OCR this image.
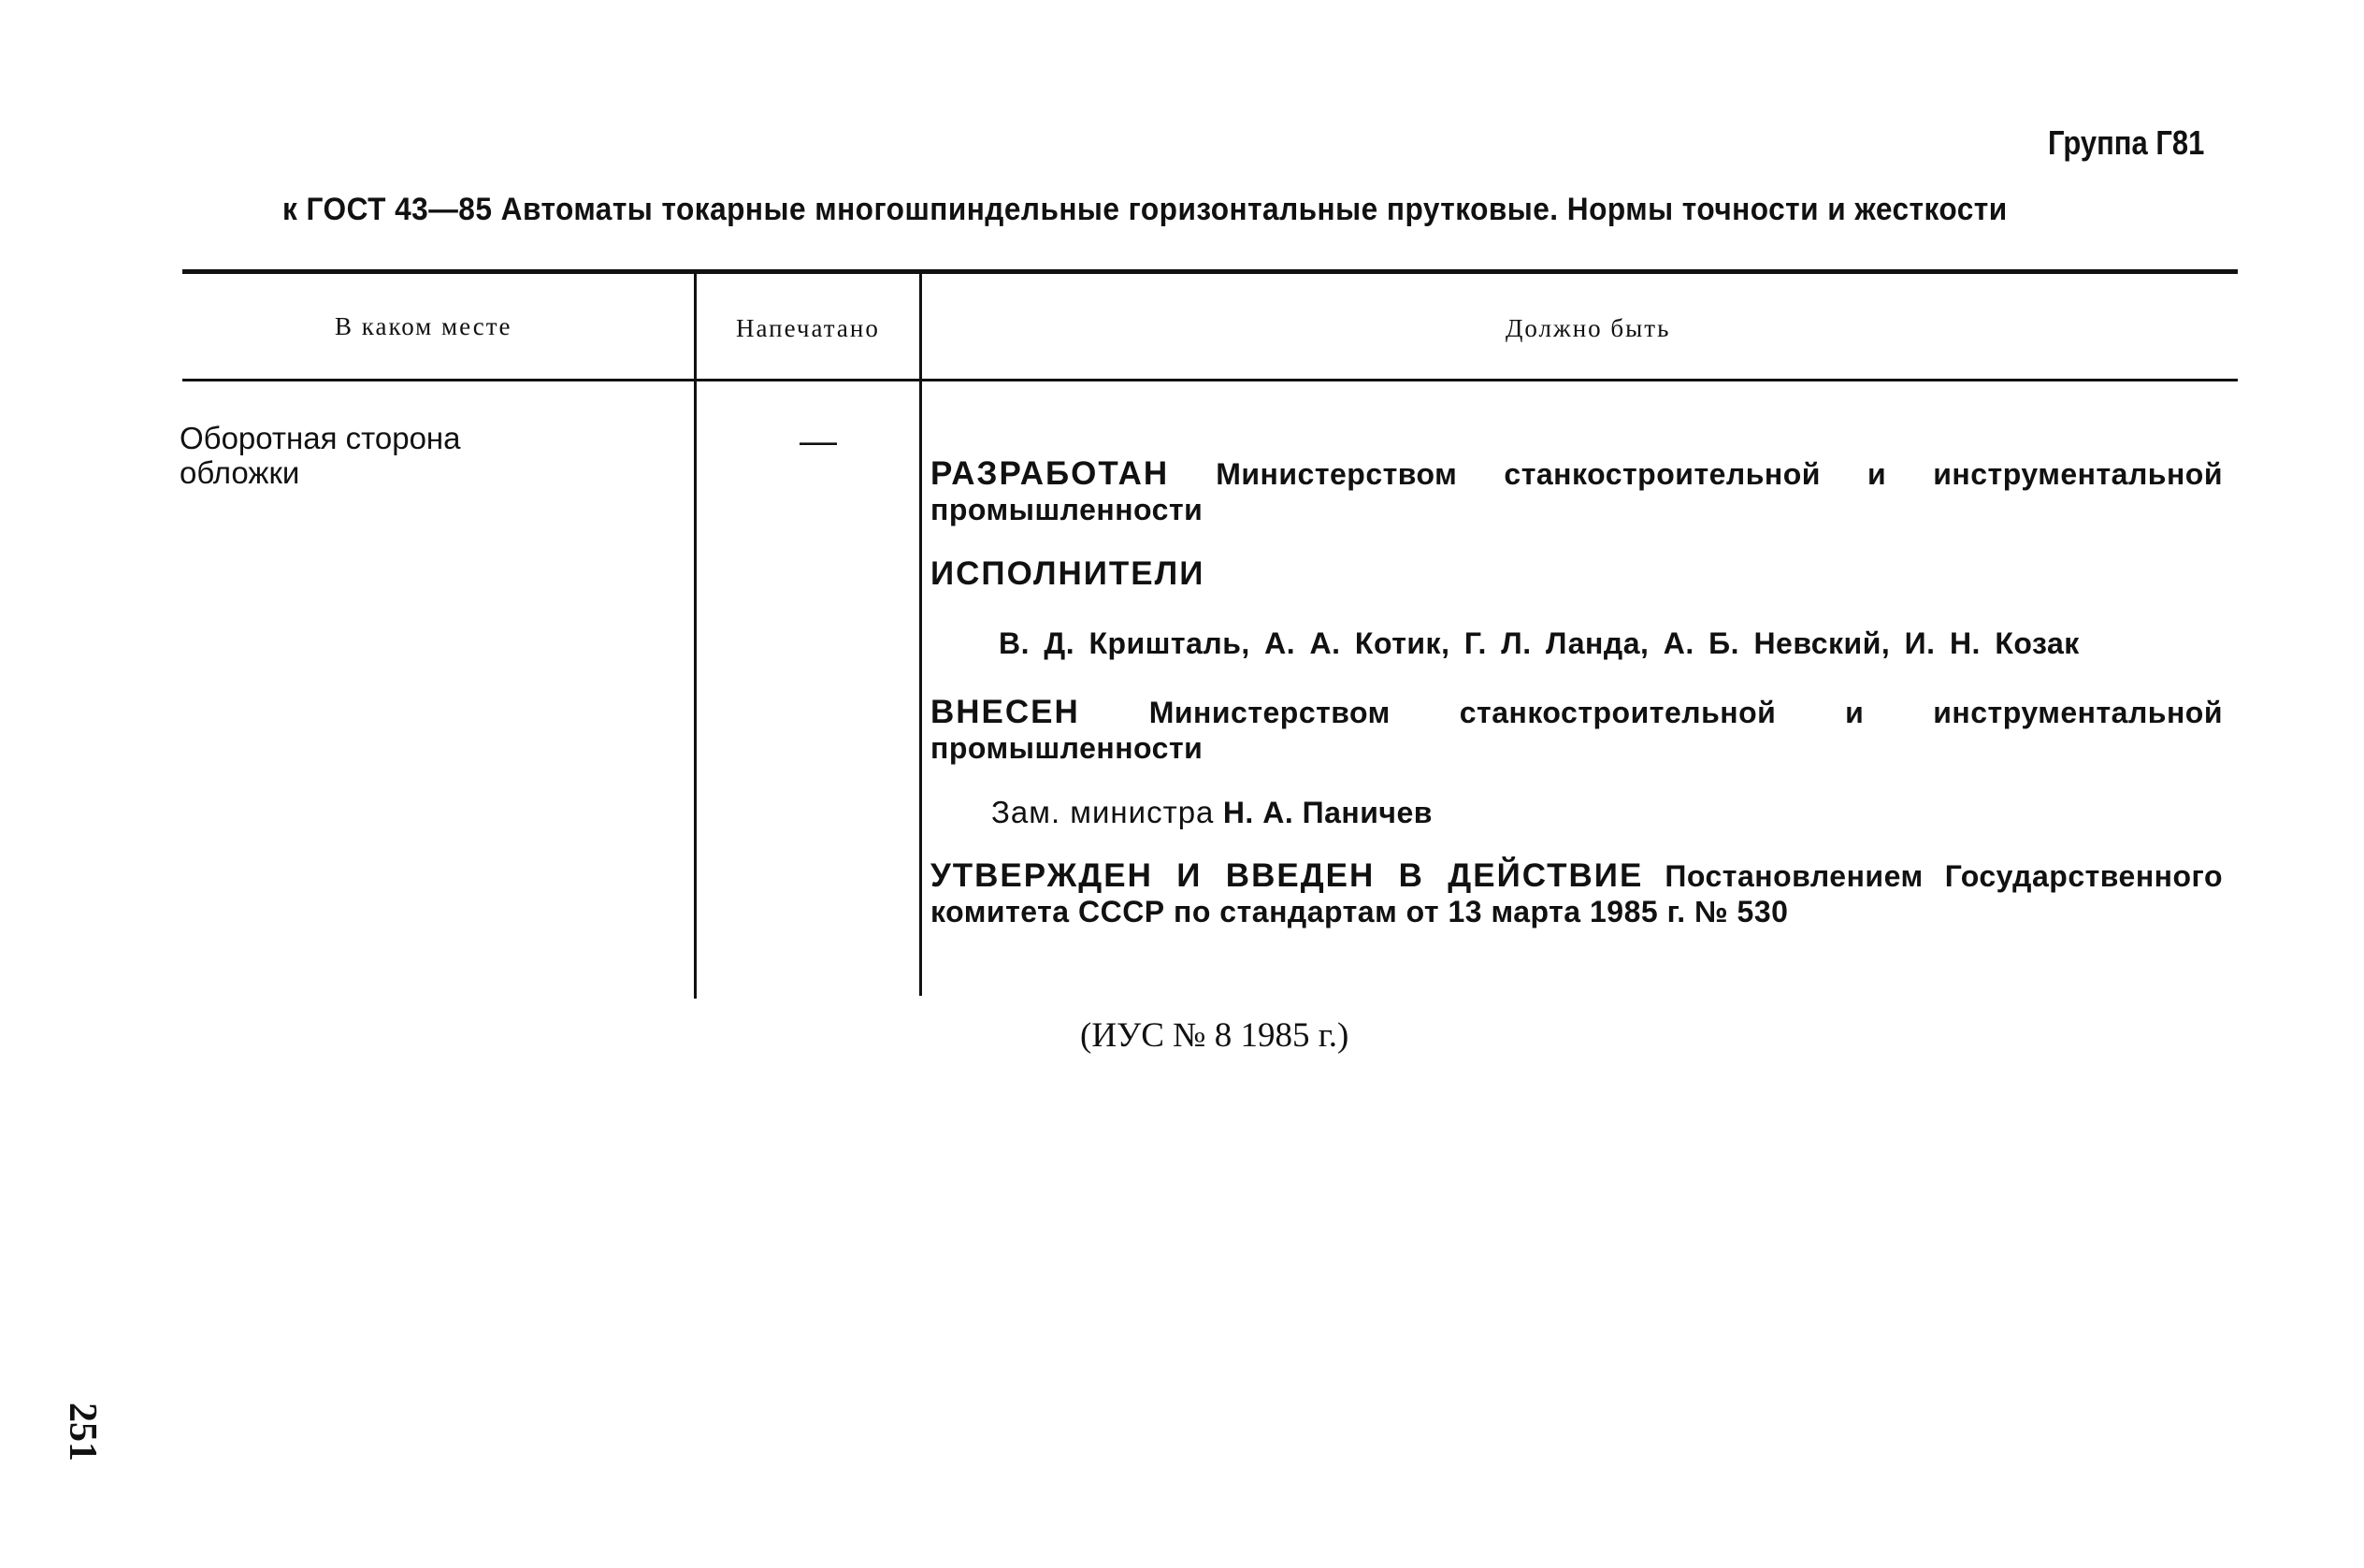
Группа Г81
к ГОСТ 43—85 Автоматы токарные многошпиндельные горизонтальные прутковые. Нормы точности и жесткости
В каком месте	Напечатано	Должно быть
Оборотная сторона обложки
—
РАЗРАБОТАН Министерством станкостроительной и инструментальной промышленности
ИСПОЛНИТЕЛИ
В. Д. Кришталь, А. А. Котик, Г. Л. Ланда, А. Б. Невский, И. Н. Козак
ВНЕСЕН Министерством станкостроительной и инструментальной промышленности
Зам. министра Н. А. Паничев
УТВЕРЖДЕН И ВВЕДЕН В ДЕЙСТВИЕ Постановлением Государственного комитета СССР по стандартам от 13 марта 1985 г. № 530
(ИУС № 8 1985 г.)
251
